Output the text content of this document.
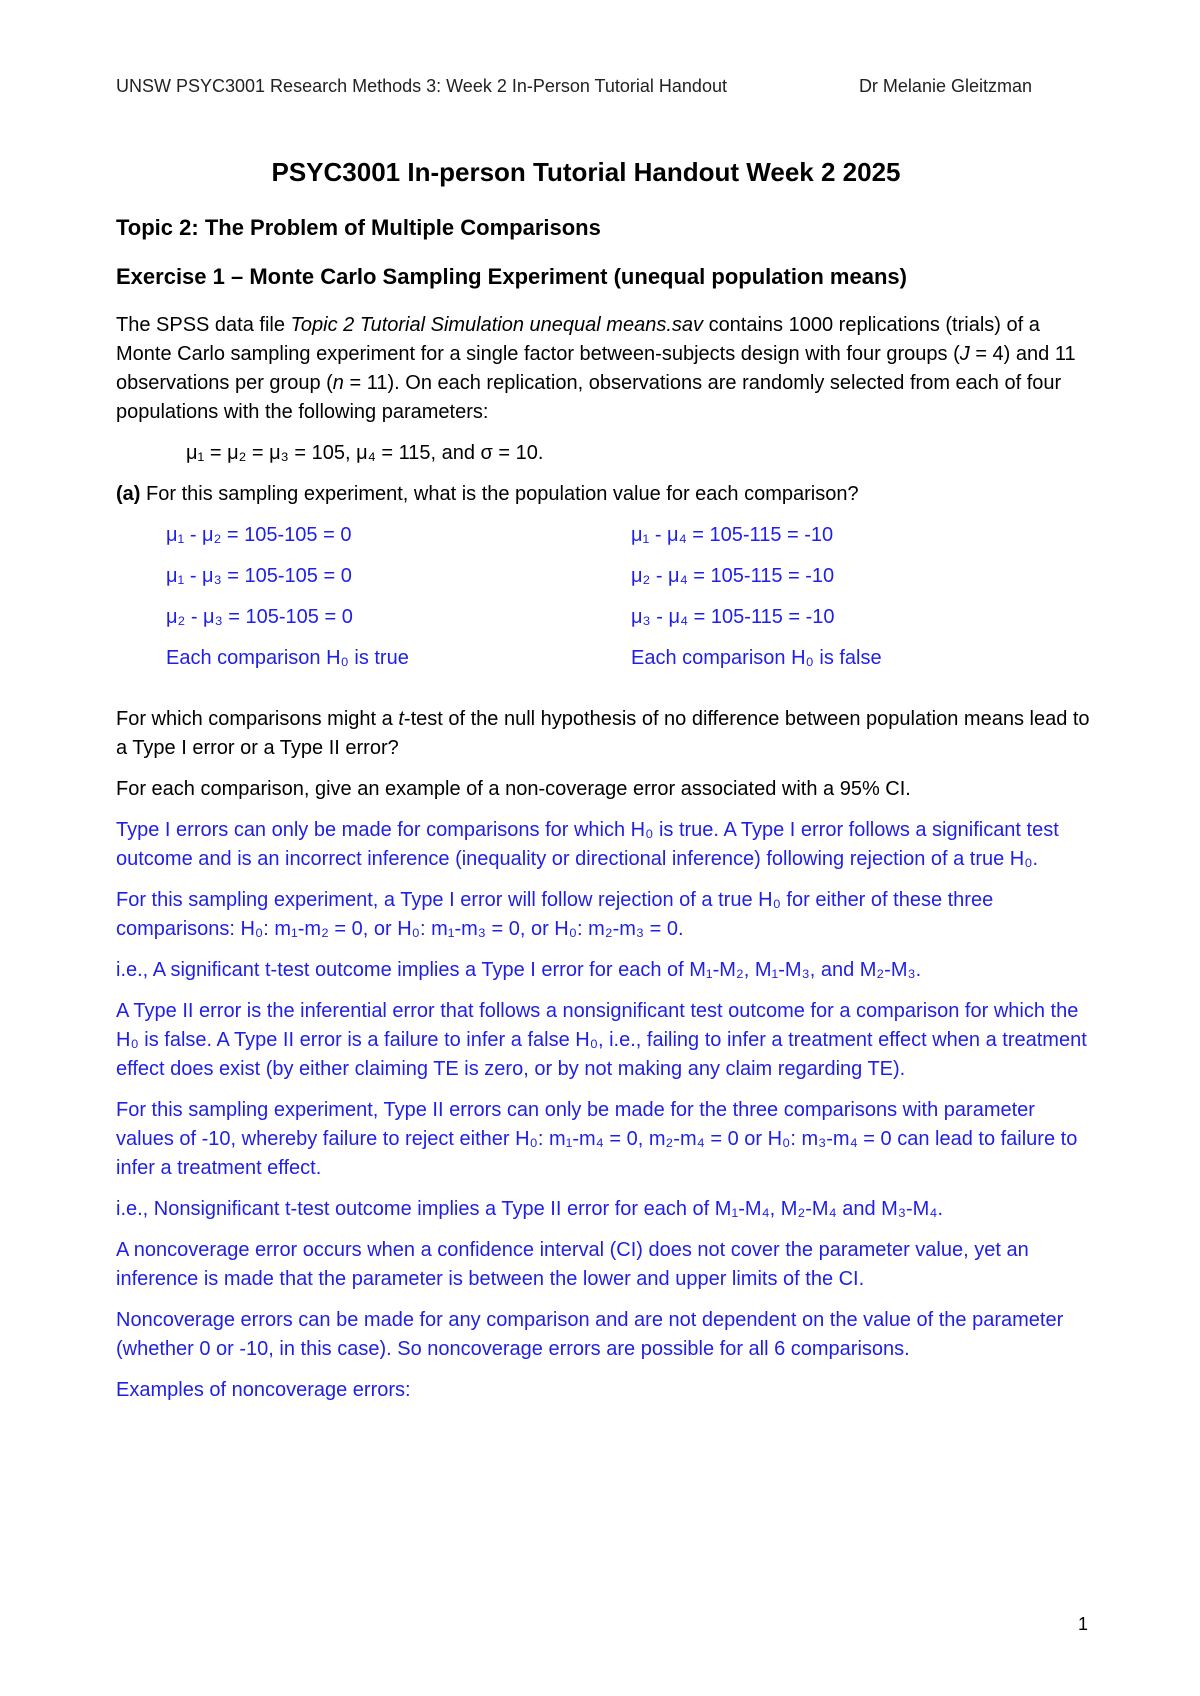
UNSW PSYC3001 Research Methods 3: Week 2 In-Person Tutorial Handout	Dr Melanie Gleitzman
PSYC3001 In-person Tutorial Handout Week 2 2025
Topic 2: The Problem of Multiple Comparisons
Exercise 1 – Monte Carlo Sampling Experiment (unequal population means)

The SPSS data file Topic 2 Tutorial Simulation unequal means.sav contains 1000 replications (trials) of a Monte Carlo sampling experiment for a single factor between-subjects design with four groups (J = 4) and 11 observations per group (n = 11). On each replication, observations are randomly selected from each of four populations with the following parameters:

μ₁ = μ₂ = μ₃ = 105, μ₄ = 115, and σ = 10.

(a) For this sampling experiment, what is the population value for each comparison?

μ₁ - μ₂ = 105-105 = 0
μ₁ - μ₃ = 105-105 = 0
μ₂ - μ₃ = 105-105 = 0
Each comparison H₀ is true
μ₁ - μ₄ = 105-115 = -10
μ₂ - μ₄ = 105-115 = -10
μ₃ - μ₄ = 105-115 = -10
Each comparison H₀ is false

For which comparisons might a t-test of the null hypothesis of no difference between population means lead to a Type I error or a Type II error?

For each comparison, give an example of a non-coverage error associated with a 95% CI.

Type I errors can only be made for comparisons for which H₀ is true. A Type I error follows a significant test outcome and is an incorrect inference (inequality or directional inference) following rejection of a true H₀.

For this sampling experiment, a Type I error will follow rejection of a true H₀ for either of these three comparisons: H₀: m₁-m₂ = 0, or H₀: m₁-m₃ = 0, or H₀: m₂-m₃ = 0.

i.e., A significant t-test outcome implies a Type I error for each of M₁-M₂, M₁-M₃, and M₂-M₃.

A Type II error is the inferential error that follows a nonsignificant test outcome for a comparison for which the H₀ is false. A Type II error is a failure to infer a false H₀, i.e., failing to infer a treatment effect when a treatment effect does exist (by either claiming TE is zero, or by not making any claim regarding TE).

For this sampling experiment, Type II errors can only be made for the three comparisons with parameter values of -10, whereby failure to reject either H₀: m₁-m₄ = 0, m₂-m₄ = 0 or H₀: m₃-m₄ = 0 can lead to failure to infer a treatment effect.

i.e., Nonsignificant t-test outcome implies a Type II error for each of M₁-M₄, M₂-M₄ and M₃-M₄.

A noncoverage error occurs when a confidence interval (CI) does not cover the parameter value, yet an inference is made that the parameter is between the lower and upper limits of the CI.

Noncoverage errors can be made for any comparison and are not dependent on the value of the parameter (whether 0 or -10, in this case). So noncoverage errors are possible for all 6 comparisons.

Examples of noncoverage errors:

1
